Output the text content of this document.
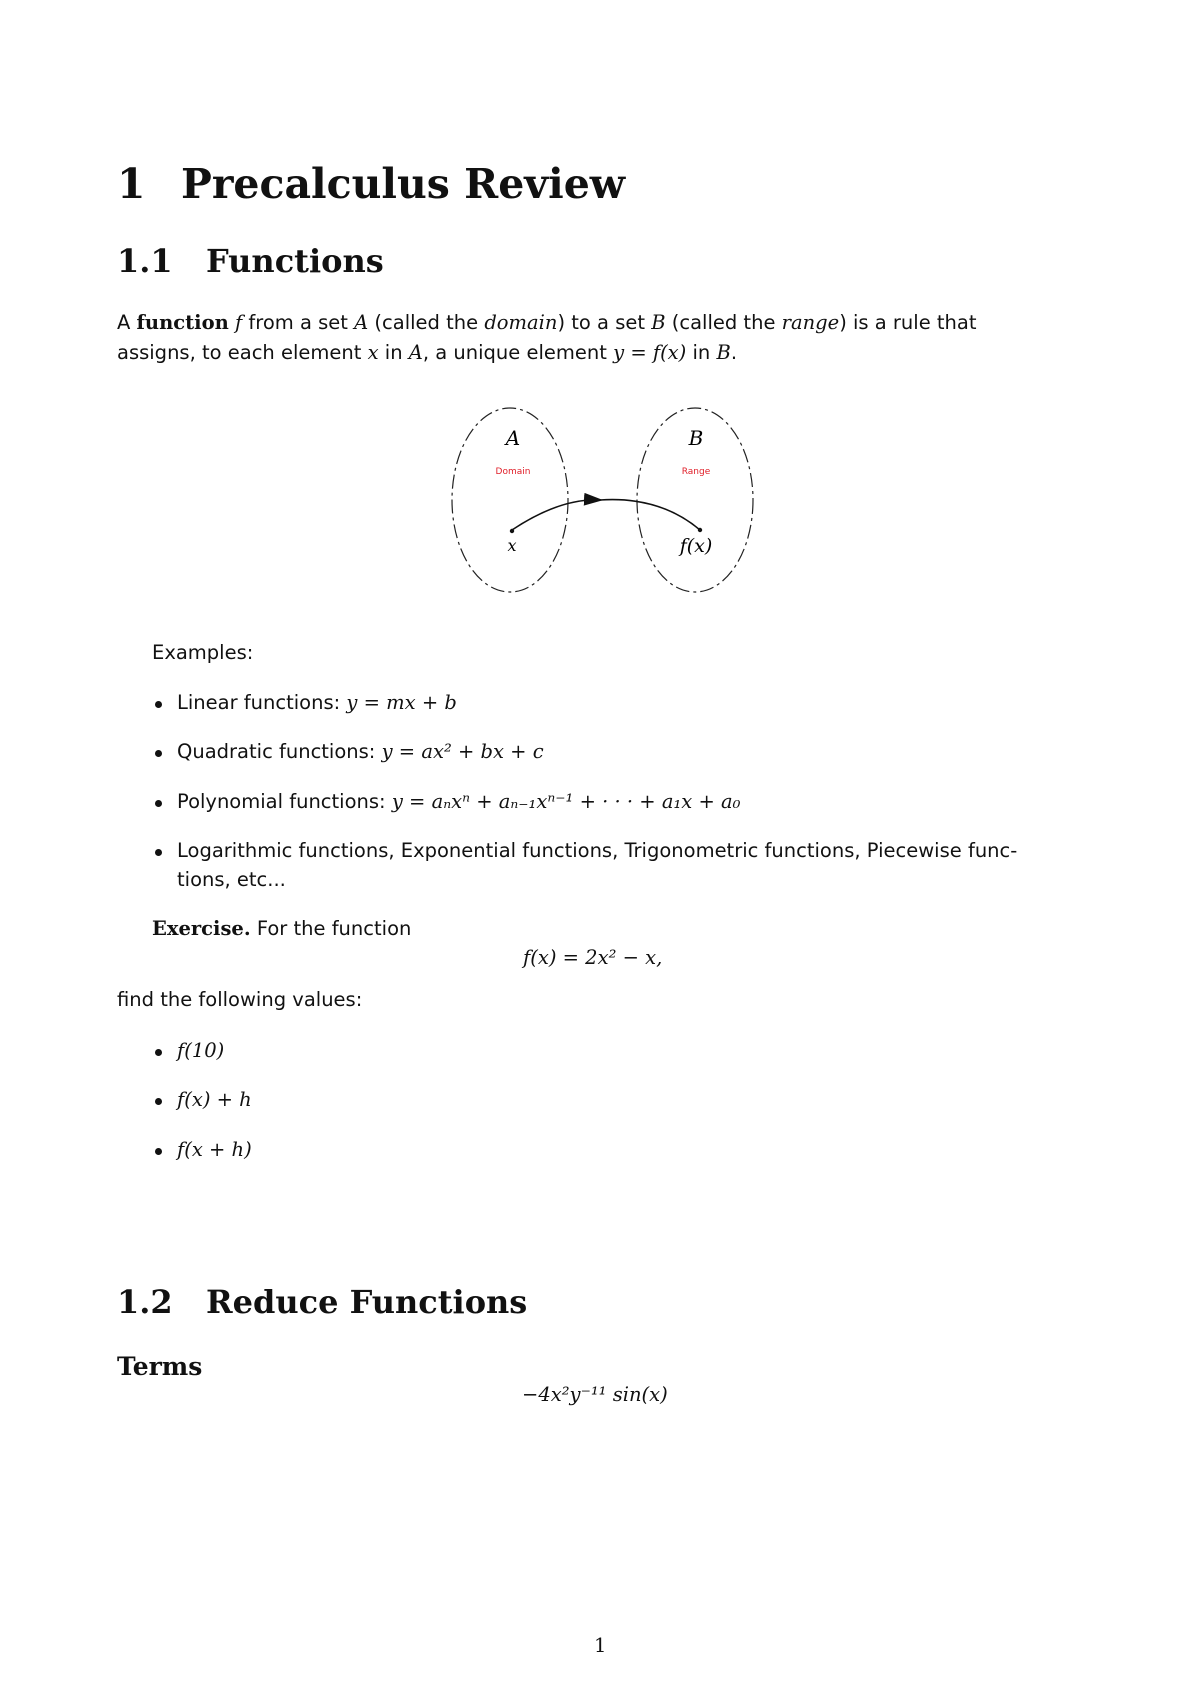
1 Precalculus Review
1.1 Functions
A function f from a set A (called the domain) to a set B (called the range) is a rule that
assigns, to each element x in A, a unique element y = f(x) in B.
A	B
Domain	Range
x	f(x)
Examples:
Linear functions: y = mx + b
Quadratic functions: y = ax² + bx + c
Polynomial functions: y = aₙxⁿ + aₙ₋₁xⁿ⁻¹ + · · · + a₁x + a₀
Logarithmic functions, Exponential functions, Trigonometric functions, Piecewise func-
tions, etc...
Exercise. For the function
f(x) = 2x² − x,
find the following values:
f(10)
f(x) + h
f(x + h)
1.2 Reduce Functions
Terms
−4x²y⁻¹¹ sin(x)
1
